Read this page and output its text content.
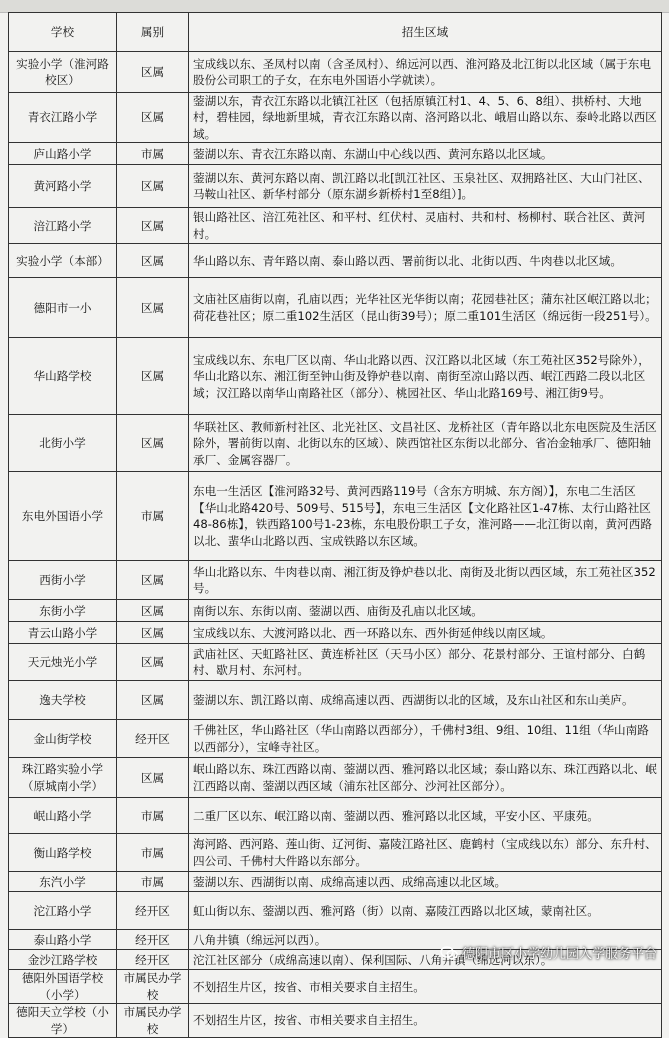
学校	属别	招生区域
实验小学（淮河路校区）	区属	宝成线以东、圣凤村以南（含圣凤村）、绵远河以西、淮河路及北江街以北区域（属于东电股份公司职工的子女，在东电外国语小学就读）。
青衣江路小学	区属	蓥湖以东，青衣江东路以北镇江社区（包括原镇江村1、4、5、6、8组）、拱桥村、大地村，碧桂园，绿地新里城，青衣江东路以南、洛河路以北、峨眉山路以东、泰岭北路以西区域。
庐山路小学	市属	蓥湖以东、青衣江东路以南、东湖山中心线以西、黄河东路以北区域。
黄河路小学	区属	蓥湖以东、黄河东路以南、凯江路以北[凯江社区、玉泉社区、双拥路社区、大山门社区、马鞍山社区、新华村部分（原东湖乡新桥村1至8组）]。
涪江路小学	区属	银山路社区、涪江苑社区、和平村、红伏村、灵庙村、共和村、杨柳村、联合社区、黄河村。
实验小学（本部）	区属	华山路以东、青年路以南、泰山路以西、署前街以北、北街以西、牛肉巷以北区域。
德阳市一小	区属	文庙社区庙街以南，孔庙以西；光华社区光华街以南；花园巷社区；蒲东社区岷江路以北；荷花巷社区；原二重102生活区（昆山街39号）；原二重101生活区（绵远街一段251号）。
华山路学校	区属	宝成线以东、东电厂区以南、华山北路以西、汉江路以北区域（东工苑社区352号除外），华山北路以东、湘江街至钟山街及铮炉巷以南、南街至凉山路以西、岷江西路二段以北区域；汉江路以南华山南路社区（部分）、桃园社区、华山北路169号、湘江街9号。
北街小学	区属	华联社区、教师新村社区、北光社区、文昌社区、龙桥社区（青年路以北东电医院及生活区除外，署前街以南、北街以东的区域）、陕西馆社区东街以北部分、省冶金轴承厂、德阳轴承厂、金属容器厂。
东电外国语小学	市属	东电一生活区【淮河路32号、黄河西路119号（含东方明城、东方阁）】，东电二生活区【华山北路420号、509号、515号】，东电三生活区【文化路社区1-47栋、太行山路社区48-86栋】，铁西路100号1-23栋，东电股份职工子女，淮河路——北江街以南，黄河西路以北、蜚华山北路以西、宝成铁路以东区域。
西街小学	区属	华山北路以东、牛肉巷以南、湘江街及铮炉巷以北、南街及北街以西区域，东工苑社区352号。
东街小学	区属	南街以东、东街以南、蓥湖以西、庙街及孔庙以北区域。
青云山路小学	区属	宝成线以东、大渡河路以北、西一环路以东、西外街延伸线以南区域。
天元烛光小学	区属	武庙社区、天虹路社区、黄连桥社区（天马小区）部分、花景村部分、王谊村部分、白鹤村、歇月村、东河村。
逸夫学校	区属	蓥湖以东、凯江路以南、成绵高速以西、西湖街以北的区域，及东山社区和东山美庐。
金山街学校	经开区	千佛社区，华山路社区（华山南路以西部分），千佛村3组、9组、10组、11组（华山南路以西部分），宝峰寺社区。
珠江路实验小学（原城南小学）	区属	岷山路以东、珠江西路以南、蓥湖以西、雅河路以北区域；泰山路以东、珠江西路以北、岷江西路以南、蓥湖以西区域（浦东社区部分、沙河社区部分）。
岷山路小学	市属	二重厂区以东、岷江路以南、蓥湖以西、雅河路以北区域，平安小区、平康苑。
衡山路学校	市属	海河路、西河路、莲山街、辽河街、嘉陵江路社区、鹿鹤村（宝成线以东）部分、东升村、四公司、千佛村大件路以东部分。
东汽小学	市属	蓥湖以东、西湖街以南、成绵高速以西、成绵高速以北区域。
沱江路小学	经开区	虹山街以东、蓥湖以西、雅河路（街）以南、嘉陵江西路以北区域，蒙南社区。
泰山路小学	经开区	八角井镇（绵远河以西）。
金沙江路学校	经开区	沱江社区部分（成绵高速以南）、保利国际、八角井镇（绵远河以东）。
德阳外国语学校（小学）	市属民办学校	不划招生片区，按省、市相关要求自主招生。
德阳天立学校（小学）	市属民办学校	不划招生片区，按省、市相关要求自主招生。
德阳市区小学幼儿园入学服务平台
